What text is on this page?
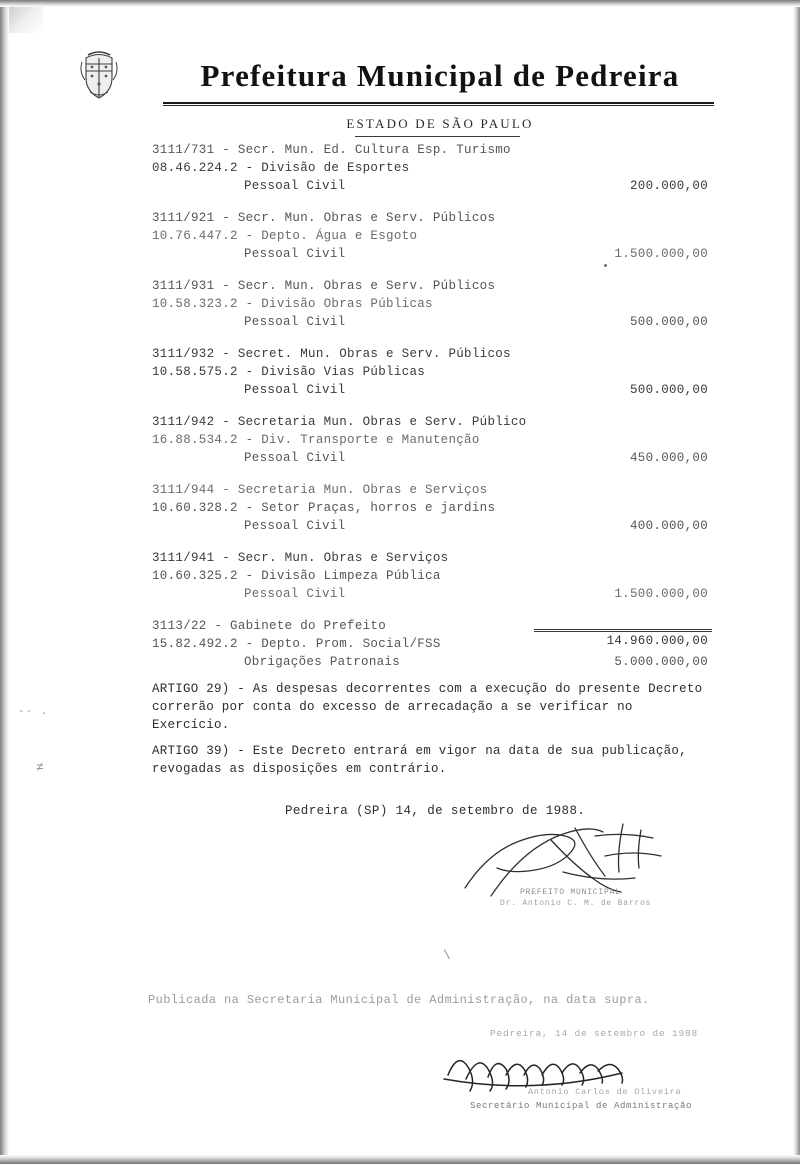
Prefeitura Municipal de Pedreira
ESTADO DE SÃO PAULO
3111/731 - Secr. Mun. Ed. Cultura Esp. Turismo
08.46.224.2 - Divisão de Esportes
Pessoal Civil	200.000,00
3111/921 - Secr. Mun. Obras e Serv. Públicos
10.76.447.2 - Depto. Água e Esgoto
Pessoal Civil	1.500.000,00
3111/931 - Secr. Mun. Obras e Serv. Públicos
10.58.323.2 - Divisão Obras Públicas
Pessoal Civil	500.000,00
3111/932 - Secret. Mun. Obras e Serv. Públicos
10.58.575.2 - Divisão Vias Públicas
Pessoal Civil	500.000,00
3111/942 - Secretaria Mun. Obras e Serv. Público
16.88.534.2 - Div. Transporte e Manutenção
Pessoal Civil	450.000,00
3111/944 - Secretaria Mun. Obras e Serviços
10.60.328.2 - Setor Praças, horros e jardins
Pessoal Civil	400.000,00
3111/941 - Secr. Mun. Obras e Serviços
10.60.325.2 - Divisão Limpeza Pública
Pessoal Civil	1.500.000,00
3113/22 - Gabinete do Prefeito
15.82.492.2 - Depto. Prom. Social/FSS
Obrigações Patronais	5.000.000,00
14.960.000,00
ARTIGO 29) - As despesas decorrentes com a execução do presente Decreto correrão por conta do excesso de arrecadação a se verificar no Exercício.
ARTIGO 39) - Este Decreto entrará em vigor na data de sua publicação, revogadas as disposições em contrário.
Pedreira (SP) 14, de setembro de 1988.
-- .
≠
PREFEITO MUNICIPAL
Dr. Antonio C. M. de Barros
\
Publicada na Secretaria Municipal de Administração, na data supra.
Pedreira, 14 de setembro de 1988
Antonio Carlos de Oliveira
Secretário Municipal de Administração
